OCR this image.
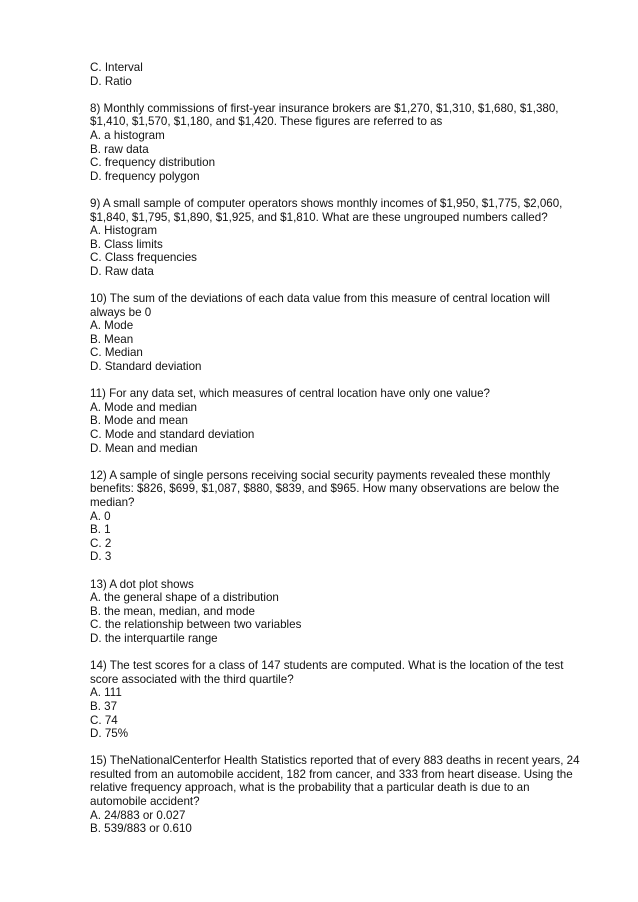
C. Interval
D. Ratio
8) Monthly commissions of first-year insurance brokers are $1,270, $1,310, $1,680, $1,380,
$1,410, $1,570, $1,180, and $1,420. These figures are referred to as
A. a histogram
B. raw data
C. frequency distribution
D. frequency polygon
9) A small sample of computer operators shows monthly incomes of $1,950, $1,775, $2,060,
$1,840, $1,795, $1,890, $1,925, and $1,810. What are these ungrouped numbers called?
A. Histogram
B. Class limits
C. Class frequencies
D. Raw data
10) The sum of the deviations of each data value from this measure of central location will
always be 0
A. Mode
B. Mean
C. Median
D. Standard deviation
11) For any data set, which measures of central location have only one value?
A. Mode and median
B. Mode and mean
C. Mode and standard deviation
D. Mean and median
12) A sample of single persons receiving social security payments revealed these monthly
benefits: $826, $699, $1,087, $880, $839, and $965. How many observations are below the
median?
A. 0
B. 1
C. 2
D. 3
13) A dot plot shows
A. the general shape of a distribution
B. the mean, median, and mode
C. the relationship between two variables
D. the interquartile range
14) The test scores for a class of 147 students are computed. What is the location of the test
score associated with the third quartile?
A. 111
B. 37
C. 74
D. 75%
15) TheNationalCenterfor Health Statistics reported that of every 883 deaths in recent years, 24
resulted from an automobile accident, 182 from cancer, and 333 from heart disease. Using the
relative frequency approach, what is the probability that a particular death is due to an
automobile accident?
A. 24/883 or 0.027
B. 539/883 or 0.610
